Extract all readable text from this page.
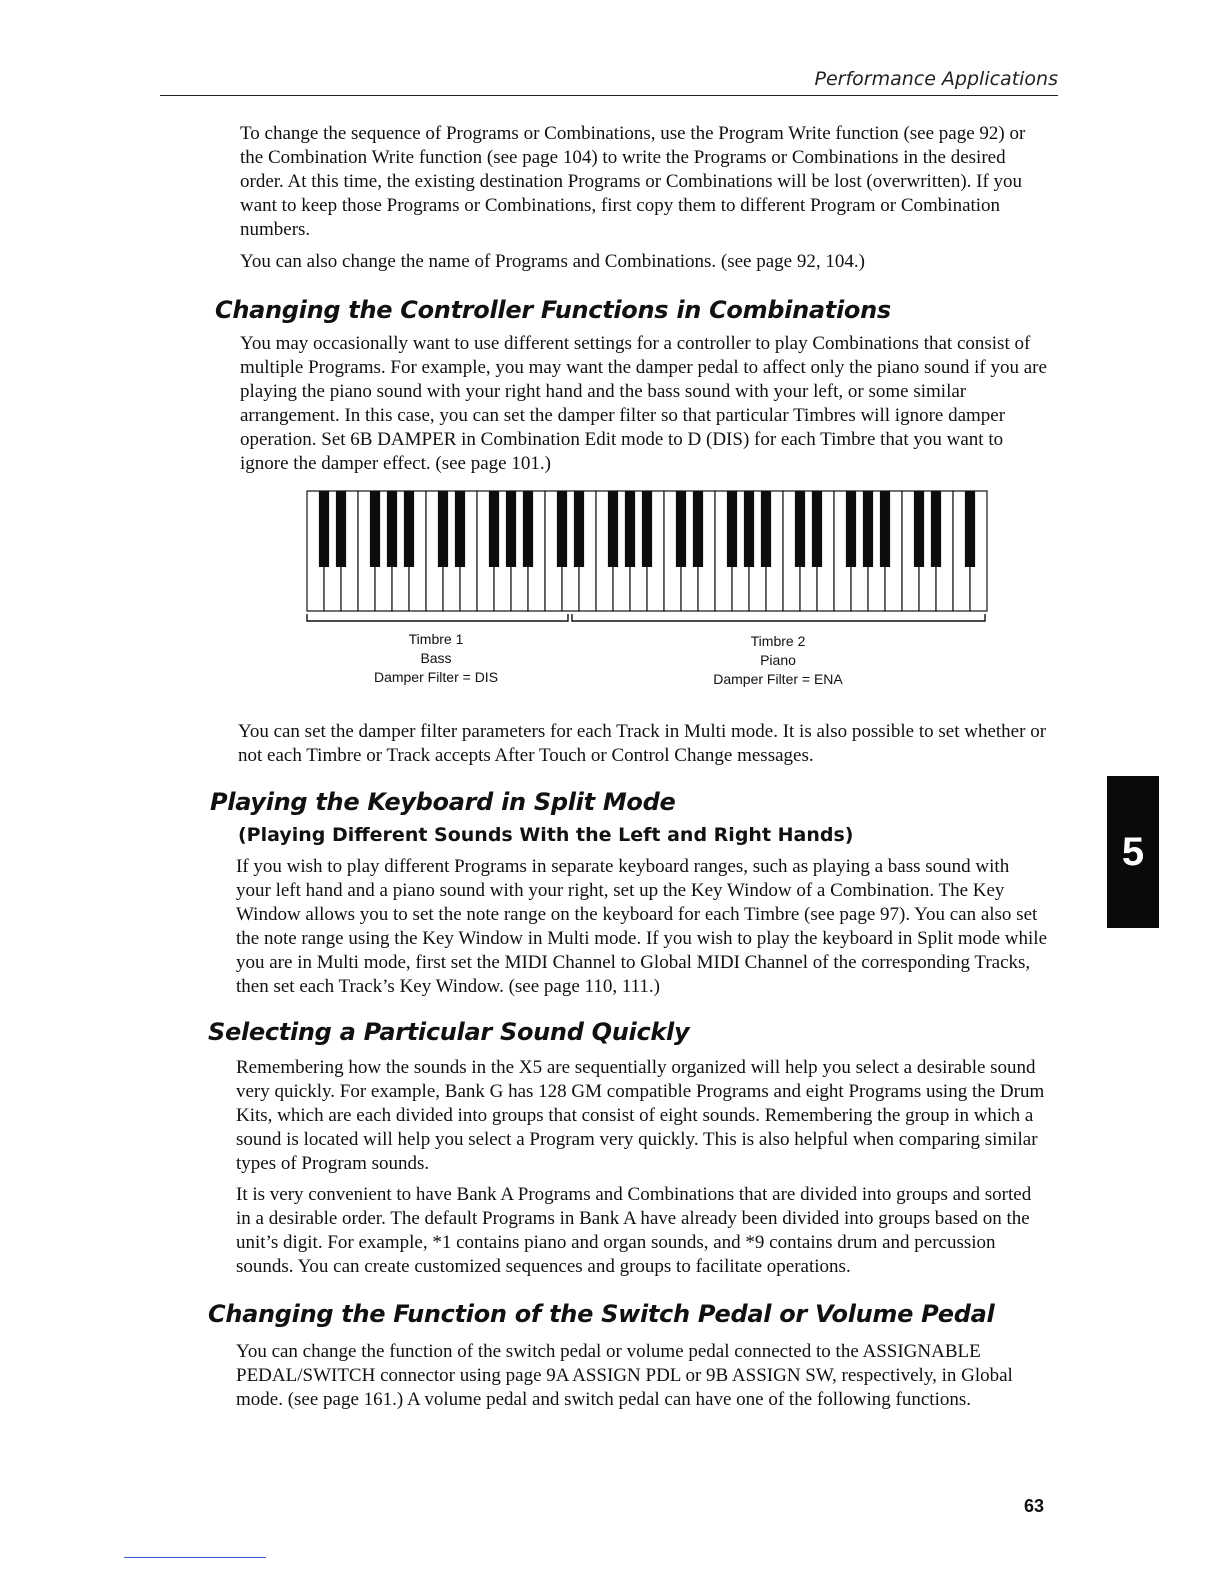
Performance Applications

To change the sequence of Programs or Combinations, use the Program Write function (see page 92) or the Combination Write function (see page 104) to write the Programs or Combinations in the desired order. At this time, the existing destination Programs or Combinations will be lost (overwritten). If you want to keep those Programs or Combinations, first copy them to different Program or Combination numbers.

You can also change the name of Programs and Combinations. (see page 92, 104.)

Changing the Controller Functions in Combinations

You may occasionally want to use different settings for a controller to play Combinations that consist of multiple Programs. For example, you may want the damper pedal to affect only the piano sound if you are playing the piano sound with your right hand and the bass sound with your left, or some similar arrangement. In this case, you can set the damper filter so that particular Timbres will ignore damper operation. Set 6B DAMPER in Combination Edit mode to D (DIS) for each Timbre that you want to ignore the damper effect. (see page 101.)

Timbre 1
Bass
Damper Filter = DIS
Timbre 2
Piano
Damper Filter = ENA

You can set the damper filter parameters for each Track in Multi mode. It is also possible to set whether or not each Timbre or Track accepts After Touch or Control Change messages.

Playing the Keyboard in Split Mode
(Playing Different Sounds With the Left and Right Hands)

If you wish to play different Programs in separate keyboard ranges, such as playing a bass sound with your left hand and a piano sound with your right, set up the Key Window of a Combination. The Key Window allows you to set the note range on the keyboard for each Timbre (see page 97). You can also set the note range using the Key Window in Multi mode. If you wish to play the keyboard in Split mode while you are in Multi mode, first set the MIDI Channel to Global MIDI Channel of the corresponding Tracks, then set each Track’s Key Window. (see page 110, 111.)

Selecting a Particular Sound Quickly

Remembering how the sounds in the X5 are sequentially organized will help you select a desirable sound very quickly. For example, Bank G has 128 GM compatible Programs and eight Programs using the Drum Kits, which are each divided into groups that consist of eight sounds. Remembering the group in which a sound is located will help you select a Program very quickly. This is also helpful when comparing similar types of Program sounds.

It is very convenient to have Bank A Programs and Combinations that are divided into groups and sorted in a desirable order. The default Programs in Bank A have already been divided into groups based on the unit’s digit. For example, *1 contains piano and organ sounds, and *9 contains drum and percussion sounds. You can create customized sequences and groups to facilitate operations.

Changing the Function of the Switch Pedal or Volume Pedal

You can change the function of the switch pedal or volume pedal connected to the ASSIGNABLE PEDAL/SWITCH connector using page 9A ASSIGN PDL or 9B ASSIGN SW, respectively, in Global mode. (see page 161.) A volume pedal and switch pedal can have one of the following functions.

5
63
